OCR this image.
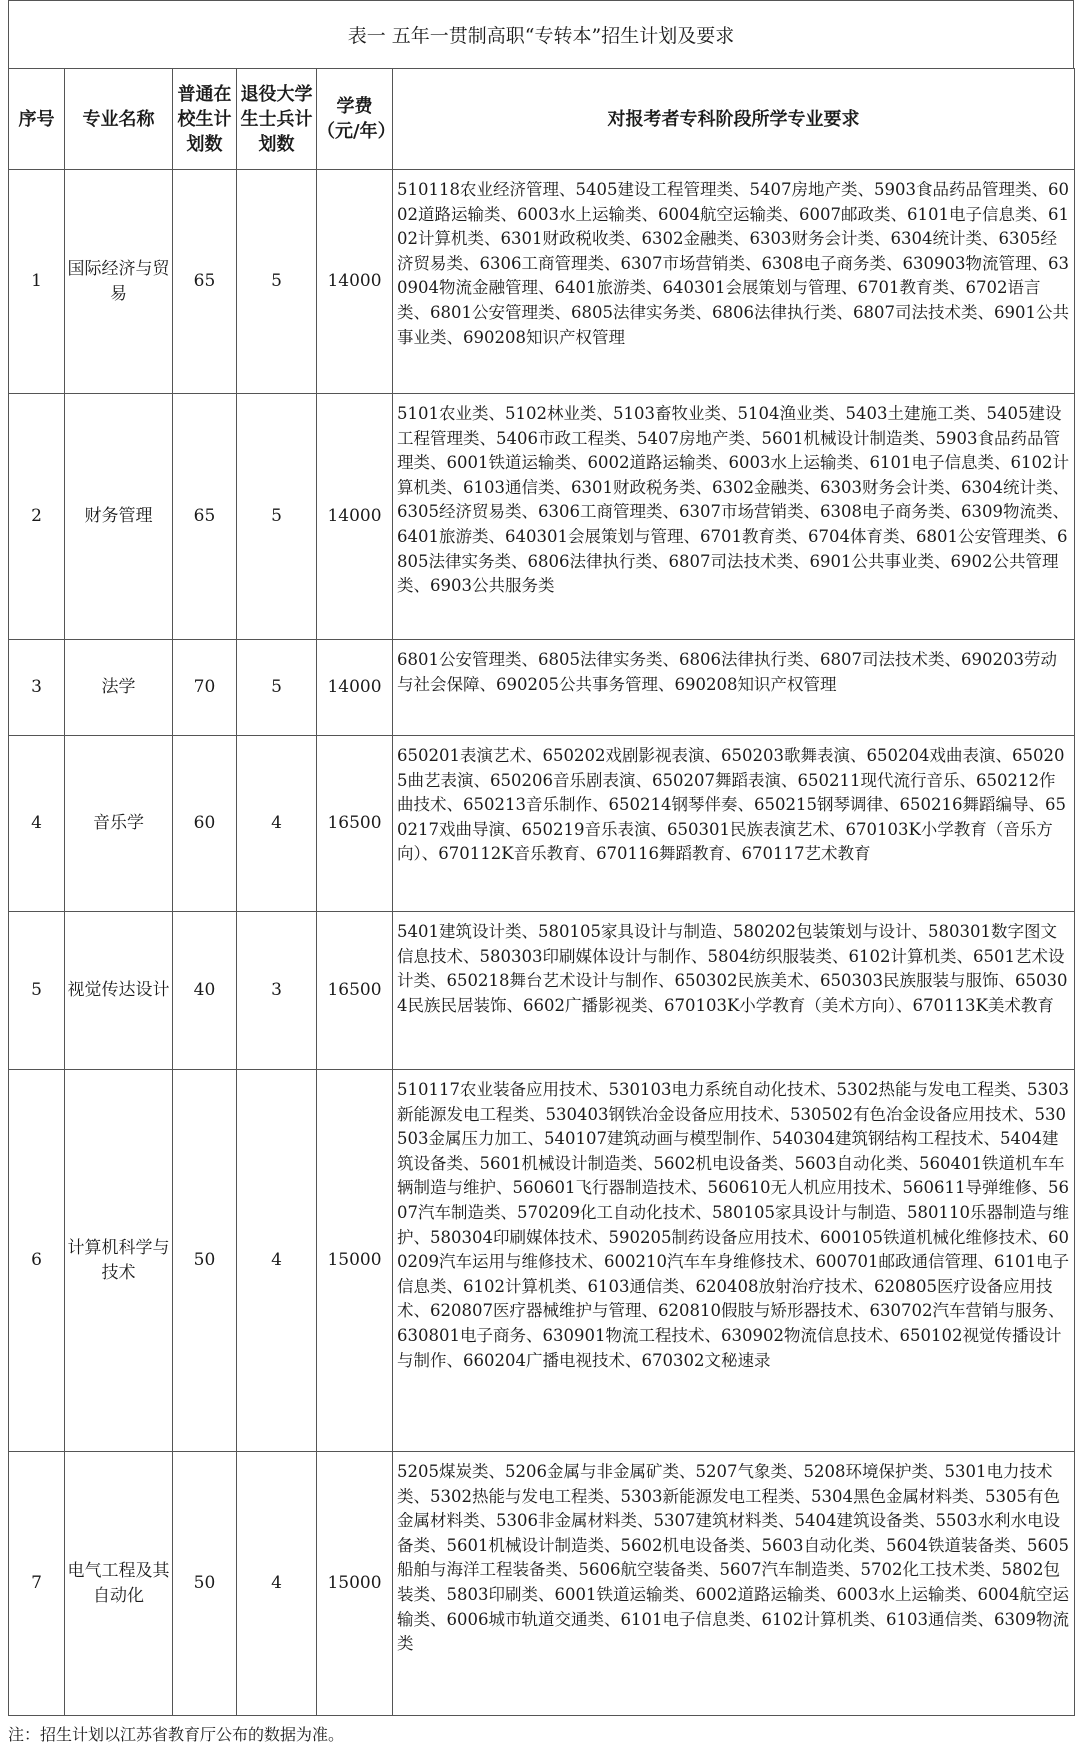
表一 五年一贯制高职“专转本”招生计划及要求
序号	专业名称	普通在校生计划数	退役大学生士兵计划数	学费（元/年）	对报考者专科阶段所学专业要求
1	国际经济与贸易	65	5	14000	510118农业经济管理、5405建设工程管理类、5407房地产类、5903食品药品管理类、6002道路运输类、6003水上运输类、6004航空运输类、6007邮政类、6101电子信息类、6102计算机类、6301财政税收类、6302金融类、6303财务会计类、6304统计类、6305经济贸易类、6306工商管理类、6307市场营销类、6308电子商务类、630903物流管理、630904物流金融管理、6401旅游类、640301会展策划与管理、6701教育类、6702语言类、6801公安管理类、6805法律实务类、6806法律执行类、6807司法技术类、6901公共事业类、690208知识产权管理

2	财务管理	65	5	14000	5101农业类、5102林业类、5103畜牧业类、5104渔业类、5403土建施工类、5405建设工程管理类、5406市政工程类、5407房地产类、5601机械设计制造类、5903食品药品管理类、6001铁道运输类、6002道路运输类、6003水上运输类、6101电子信息类、6102计算机类、6103通信类、6301财政税务类、6302金融类、6303财务会计类、6304统计类、6305经济贸易类、6306工商管理类、6307市场营销类、6308电子商务类、6309物流类、6401旅游类、640301会展策划与管理、6701教育类、6704体育类、6801公安管理类、6805法律实务类、6806法律执行类、6807司法技术类、6901公共事业类、6902公共管理类、6903公共服务类

3	法学	70	5	14000	6801公安管理类、6805法律实务类、6806法律执行类、6807司法技术类、690203劳动与社会保障、690205公共事务管理、690208知识产权管理

4	音乐学	60	4	16500	650201表演艺术、650202戏剧影视表演、650203歌舞表演、650204戏曲表演、650205曲艺表演、650206音乐剧表演、650207舞蹈表演、650211现代流行音乐、650212作曲技术、650213音乐制作、650214钢琴伴奏、650215钢琴调律、650216舞蹈编导、650217戏曲导演、650219音乐表演、650301民族表演艺术、670103K小学教育（音乐方向）、670112K音乐教育、670116舞蹈教育、670117艺术教育

5	视觉传达设计	40	3	16500	5401建筑设计类、580105家具设计与制造、580202包装策划与设计、580301数字图文信息技术、580303印刷媒体设计与制作、5804纺织服装类、6102计算机类、6501艺术设计类、650218舞台艺术设计与制作、650302民族美术、650303民族服装与服饰、650304民族民居装饰、6602广播影视类、670103K小学教育（美术方向）、670113K美术教育

6	计算机科学与技术	50	4	15000	510117农业装备应用技术、530103电力系统自动化技术、5302热能与发电工程类、5303新能源发电工程类、530403钢铁冶金设备应用技术、530502有色冶金设备应用技术、530503金属压力加工、540107建筑动画与模型制作、540304建筑钢结构工程技术、5404建筑设备类、5601机械设计制造类、5602机电设备类、5603自动化类、560401铁道机车车辆制造与维护、560601飞行器制造技术、560610无人机应用技术、560611导弹维修、5607汽车制造类、570209化工自动化技术、580105家具设计与制造、580110乐器制造与维护、580304印刷媒体技术、590205制药设备应用技术、600105铁道机械化维修技术、600209汽车运用与维修技术、600210汽车车身维修技术、600701邮政通信管理、6101电子信息类、6102计算机类、6103通信类、620408放射治疗技术、620805医疗设备应用技术、620807医疗器械维护与管理、620810假肢与矫形器技术、630702汽车营销与服务、630801电子商务、630901物流工程技术、630902物流信息技术、650102视觉传播设计与制作、660204广播电视技术、670302文秘速录

7	电气工程及其自动化	50	4	15000	5205煤炭类、5206金属与非金属矿类、5207气象类、5208环境保护类、5301电力技术类、5302热能与发电工程类、5303新能源发电工程类、5304黑色金属材料类、5305有色金属材料类、5306非金属材料类、5307建筑材料类、5404建筑设备类、5503水利水电设备类、5601机械设计制造类、5602机电设备类、5603自动化类、5604铁道装备类、5605船舶与海洋工程装备类、5606航空装备类、5607汽车制造类、5702化工技术类、5802包装类、5803印刷类、6001铁道运输类、6002道路运输类、6003水上运输类、6004航空运输类、6006城市轨道交通类、6101电子信息类、6102计算机类、6103通信类、6309物流类
注：招生计划以江苏省教育厅公布的数据为准。
